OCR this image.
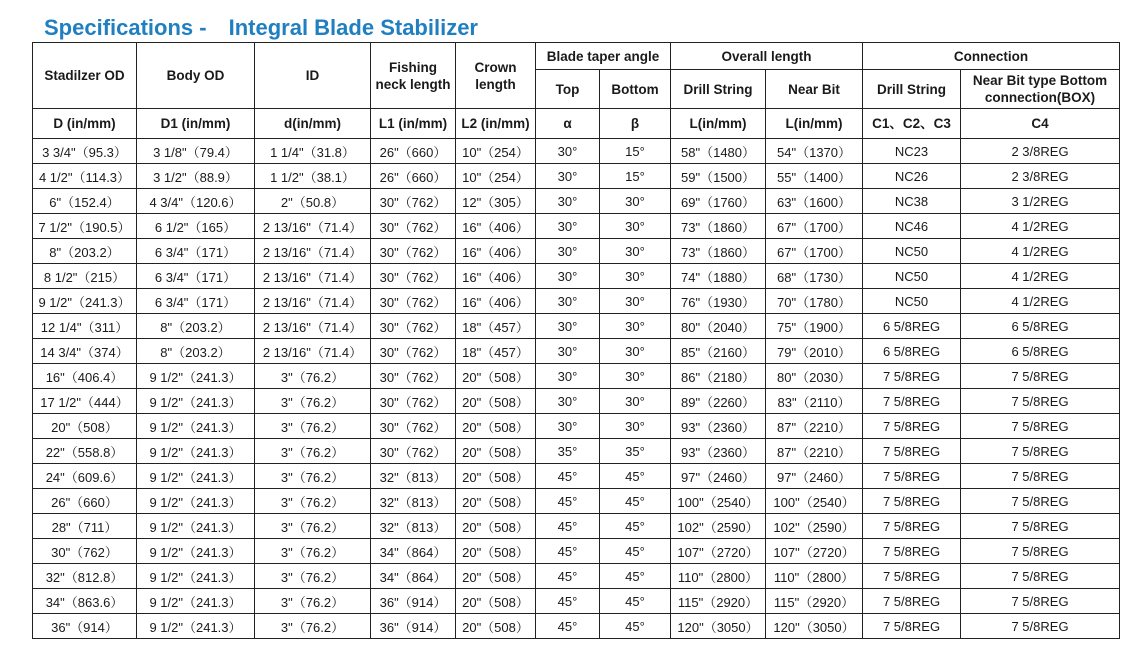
Specifications - Integral Blade Stabilizer
Stadilzer OD	Body OD	ID	Fishing neck length	Crown length	Blade taper angle		Overall length		Connection	
					Top	Bottom	Drill String	Near Bit	Drill String	Near Bit type Bottom connection(BOX)
D (in/mm)	D1 (in/mm)	d(in/mm)	L1 (in/mm)	L2 (in/mm)	α	β	L(in/mm)	L(in/mm)	C1、C2、C3	C4
3 3/4"（95.3）	3 1/8"（79.4）	1 1/4"（31.8）	26"（660）	10"（254）	30°	15°	58"（1480）	54"（1370）	NC23	2 3/8REG
4 1/2"（114.3）	3 1/2"（88.9）	1 1/2"（38.1）	26"（660）	10"（254）	30°	15°	59"（1500）	55"（1400）	NC26	2 3/8REG
6"（152.4）	4 3/4"（120.6）	2"（50.8）	30"（762）	12"（305）	30°	30°	69"（1760）	63"（1600）	NC38	3 1/2REG
7 1/2"（190.5）	6 1/2"（165）	2 13/16"（71.4）	30"（762）	16"（406）	30°	30°	73"（1860）	67"（1700）	NC46	4 1/2REG
8"（203.2）	6 3/4"（171）	2 13/16"（71.4）	30"（762）	16"（406）	30°	30°	73"（1860）	67"（1700）	NC50	4 1/2REG
8 1/2"（215）	6 3/4"（171）	2 13/16"（71.4）	30"（762）	16"（406）	30°	30°	74"（1880）	68"（1730）	NC50	4 1/2REG
9 1/2"（241.3）	6 3/4"（171）	2 13/16"（71.4）	30"（762）	16"（406）	30°	30°	76"（1930）	70"（1780）	NC50	4 1/2REG
12 1/4"（311）	8"（203.2）	2 13/16"（71.4）	30"（762）	18"（457）	30°	30°	80"（2040）	75"（1900）	6 5/8REG	6 5/8REG
14 3/4"（374）	8"（203.2）	2 13/16"（71.4）	30"（762）	18"（457）	30°	30°	85"（2160）	79"（2010）	6 5/8REG	6 5/8REG
16"（406.4）	9 1/2"（241.3）	3"（76.2）	30"（762）	20"（508）	30°	30°	86"（2180）	80"（2030）	7 5/8REG	7 5/8REG
17 1/2"（444）	9 1/2"（241.3）	3"（76.2）	30"（762）	20"（508）	30°	30°	89"（2260）	83"（2110）	7 5/8REG	7 5/8REG
20"（508）	9 1/2"（241.3）	3"（76.2）	30"（762）	20"（508）	30°	30°	93"（2360）	87"（2210）	7 5/8REG	7 5/8REG
22"（558.8）	9 1/2"（241.3）	3"（76.2）	30"（762）	20"（508）	35°	35°	93"（2360）	87"（2210）	7 5/8REG	7 5/8REG
24"（609.6）	9 1/2"（241.3）	3"（76.2）	32"（813）	20"（508）	45°	45°	97"（2460）	97"（2460）	7 5/8REG	7 5/8REG
26"（660）	9 1/2"（241.3）	3"（76.2）	32"（813）	20"（508）	45°	45°	100"（2540）	100"（2540）	7 5/8REG	7 5/8REG
28"（711）	9 1/2"（241.3）	3"（76.2）	32"（813）	20"（508）	45°	45°	102"（2590）	102"（2590）	7 5/8REG	7 5/8REG
30"（762）	9 1/2"（241.3）	3"（76.2）	34"（864）	20"（508）	45°	45°	107"（2720）	107"（2720）	7 5/8REG	7 5/8REG
32"（812.8）	9 1/2"（241.3）	3"（76.2）	34"（864）	20"（508）	45°	45°	110"（2800）	110"（2800）	7 5/8REG	7 5/8REG
34"（863.6）	9 1/2"（241.3）	3"（76.2）	36"（914）	20"（508）	45°	45°	115"（2920）	115"（2920）	7 5/8REG	7 5/8REG
36"（914）	9 1/2"（241.3）	3"（76.2）	36"（914）	20"（508）	45°	45°	120"（3050）	120"（3050）	7 5/8REG	7 5/8REG
